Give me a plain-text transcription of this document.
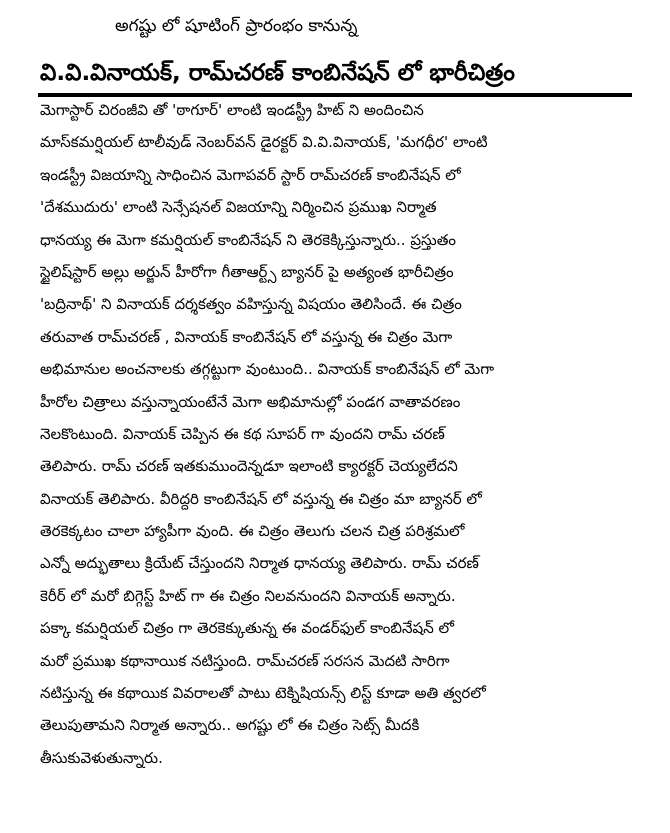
అగష్టు లో షూటింగ్ ప్రారంభం కానున్న
వి.వి.వినాయక్, రామ్‌చరణ్ కాంబినేషన్ లో భారీచిత్రం
మెగాస్టార్ చిరంజీవి తో 'ఠాగూర్' లాంటి ఇండస్ట్రీ హిట్ ని అందించిన
మాస్‌కమర్షియల్ టాలీవుడ్ నెంబర్‌వన్ డైరక్టర్ వి.వి.వినాయక్, 'మగధీర' లాంటి
ఇండస్ట్రీ విజయాన్ని సాధించిన మెగాపవర్ స్టార్ రామ్‌చరణ్ కాంబినేషన్ లో
'దేశముదురు' లాంటి సెన్సేషనల్ విజయాన్ని నిర్మించిన ప్రముఖ నిర్మాత
ధానయ్య ఈ మెగా కమర్షియల్ కాంబినేషన్ ని తెరకెక్కిస్తున్నారు.. ప్రస్తుతం
స్టైలిష్‌స్టార్ అల్లు అర్జున్ హీరోగా గీతాఆర్ట్స్ బ్యానర్ పై అత్యంత భారీచిత్రం
'బద్రినాథ్' ని వినాయక్ దర్శకత్వం వహిస్తున్న విషయం తెలిసిందే. ఈ చిత్రం
తరువాత రామ్‌చరణ్ , వినాయక్ కాంబినేషన్ లో వస్తున్న ఈ చిత్రం మెగా
అభిమానుల అంచనాలకు తగ్గట్టుగా వుంటుంది.. వినాయక్ కాంబినేషన్ లో మెగా
హీరోల చిత్రాలు వస్తున్నాయంటేనే మెగా అభిమానుల్లో పండగ వాతావరణం
నెలకొంటుంది. వినాయక్ చెప్పిన ఈ కథ సూపర్ గా వుందని రామ్ చరణ్
తెలిపారు. రామ్ చరణ్ ఇతకుముందెన్నడూ ఇలాంటి క్యారక్టర్ చెయ్యలేదని
వినాయక్ తెలిపారు. వీరిద్దరి కాంబినేషన్ లో వస్తున్న ఈ చిత్రం మా బ్యానర్ లో
తెరకెక్కటం చాలా హ్యాపీగా వుంది. ఈ చిత్రం తెలుగు చలన చిత్ర పరిశ్రమలో
ఎన్నో అద్భుతాలు క్రియేట్ చేస్తుందని నిర్మాత ధానయ్య తెలిపారు. రామ్ చరణ్
కెరీర్ లో మరో బిగ్గెస్ట్ హిట్ గా ఈ చిత్రం నిలవనుందని వినాయక్ అన్నారు.
పక్కా కమర్షియల్ చిత్రం గా తెరకెక్కుతున్న ఈ వండర్‌ఫుల్ కాంబినేషన్ లో
మరో ప్రముఖ కథానాయిక నటిస్తుంది. రామ్‌చరణ్ సరసన మెదటి సారిగా
నటిస్తున్న ఈ కథాయిక వివరాలతో పాటు టెక్నిషియన్స్ లిస్ట్ కూడా అతి త్వరలో
తెలుపుతామని నిర్మాత అన్నారు.. అగష్టు లో ఈ చిత్రం సెట్స్ మీదకి
తీసుకువెళుతున్నారు.
